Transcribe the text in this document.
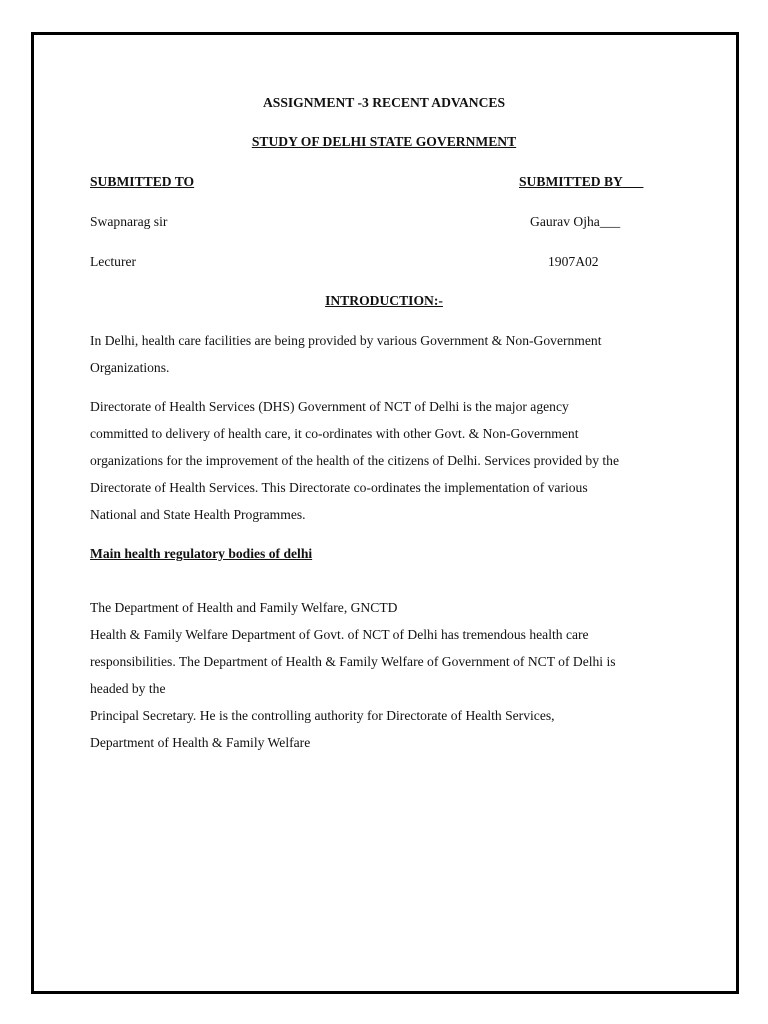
ASSIGNMENT -3 RECENT ADVANCES
STUDY OF DELHI STATE GOVERNMENT
SUBMITTED TO	SUBMITTED BY___
Swapnarag sir	Gaurav Ojha___
Lecturer	1907A02
INTRODUCTION:-
In Delhi, health care facilities are being provided by various Government & Non-Government
Organizations.
Directorate of Health Services (DHS) Government of NCT of Delhi is the major agency
committed to delivery of health care, it co-ordinates with other Govt. & Non-Government
organizations for the improvement of the health of the citizens of Delhi. Services provided by the
Directorate of Health Services. This Directorate co-ordinates the implementation of various
National and State Health Programmes.
Main health regulatory bodies of delhi
The Department of Health and Family Welfare, GNCTD
Health & Family Welfare Department of Govt. of NCT of Delhi has tremendous health care
responsibilities. The Department of Health & Family Welfare of Government of NCT of Delhi is
headed by the
Principal Secretary. He is the controlling authority for Directorate of Health Services,
Department of Health & Family Welfare
